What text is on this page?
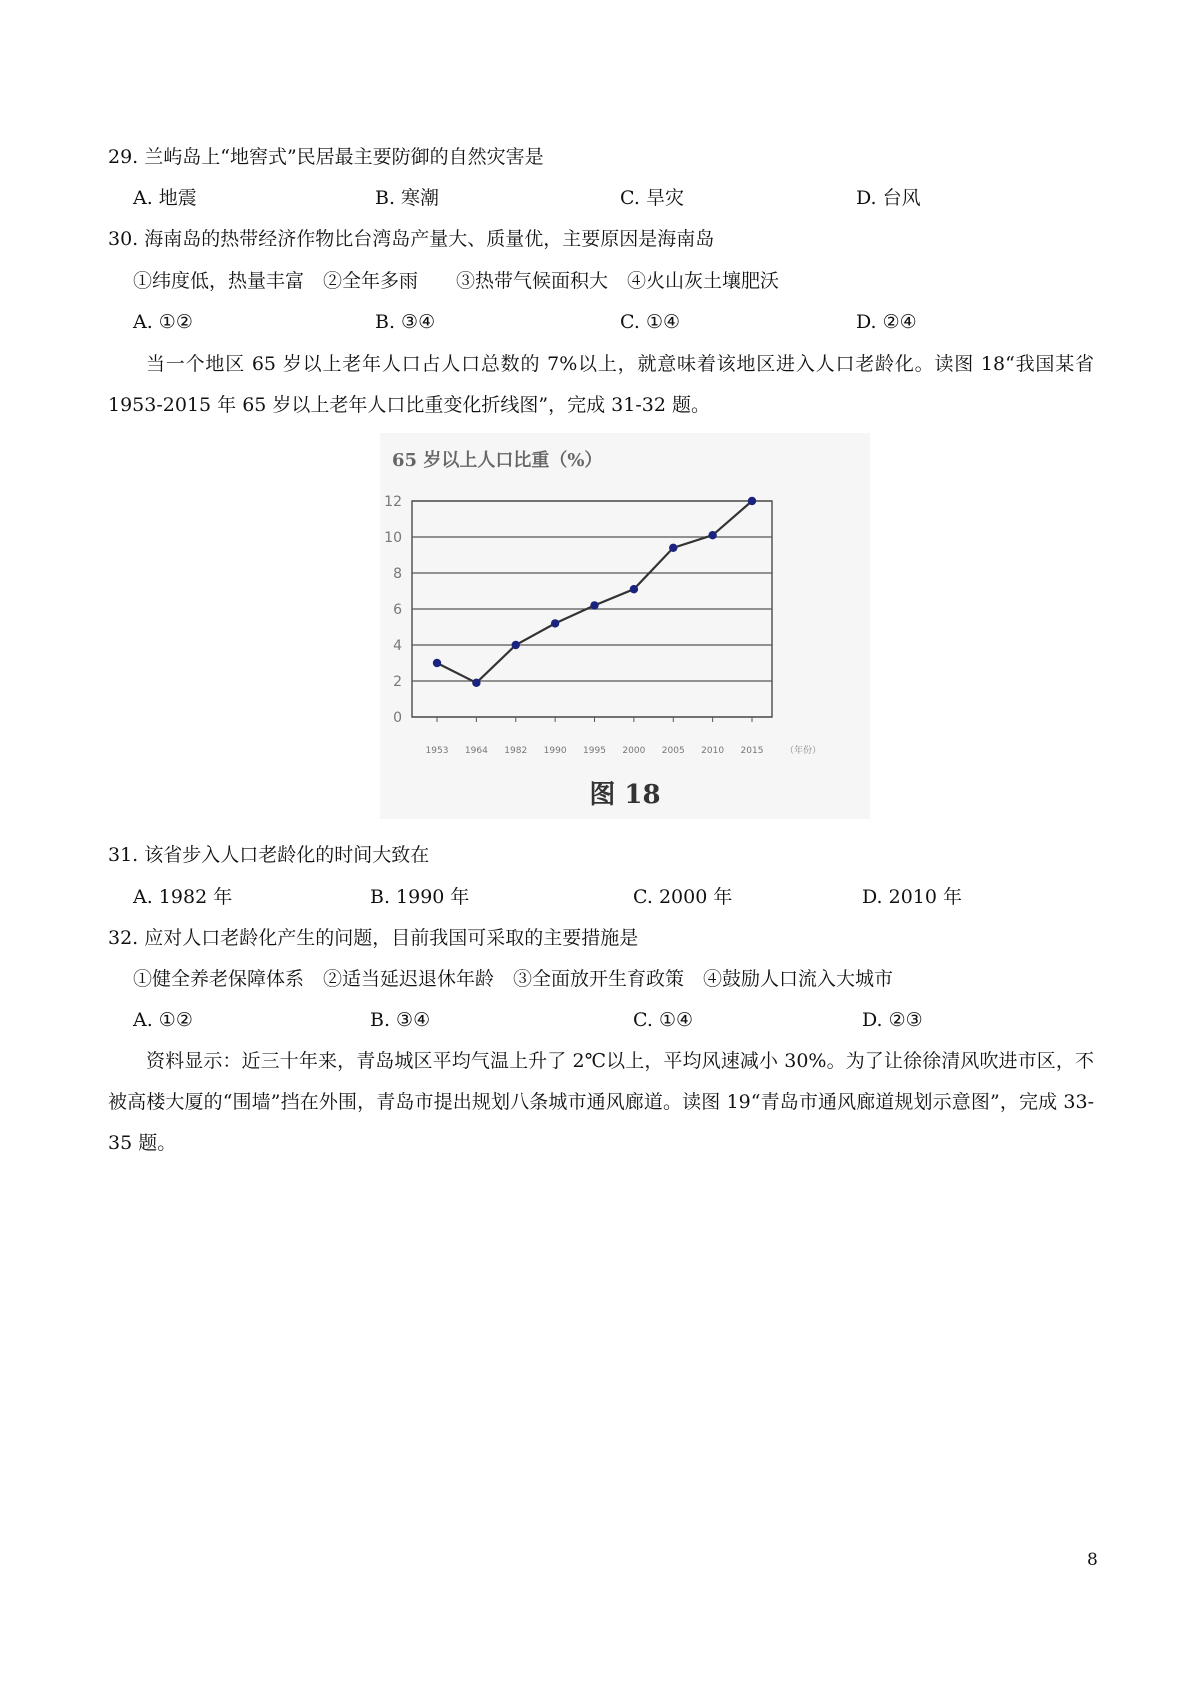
29. 兰屿岛上“地窖式”民居最主要防御的自然灾害是
A. 地震	B. 寒潮	C. 旱灾	D. 台风
30. 海南岛的热带经济作物比台湾岛产量大、质量优，主要原因是海南岛
①纬度低，热量丰富　②全年多雨　　③热带气候面积大　④火山灰土壤肥沃
A. ①②	B. ③④	C. ①④	D. ②④
当一个地区 65 岁以上老年人口占人口总数的 7%以上，就意味着该地区进入人口老龄化。读图 18“我国某省 1953-2015 年 65 岁以上老年人口比重变化折线图”，完成 31-32 题。
65 岁以上人口比重（%）
0
2
4
6
8
10
12
1953 1964 1982 1990 1995 2000 2005 2010 2015 （年份）
图 18
31. 该省步入人口老龄化的时间大致在
A. 1982 年	B. 1990 年	C. 2000 年	D. 2010 年
32. 应对人口老龄化产生的问题，目前我国可采取的主要措施是
①健全养老保障体系　②适当延迟退休年龄　③全面放开生育政策　④鼓励人口流入大城市
A. ①②	B. ③④	C. ①④	D. ②③
资料显示：近三十年来，青岛城区平均气温上升了 2℃以上，平均风速减小 30%。为了让徐徐清风吹进市区，不被高楼大厦的“围墙”挡在外围，青岛市提出规划八条城市通风廊道。读图 19“青岛市通风廊道规划示意图”，完成 33-35 题。
8
